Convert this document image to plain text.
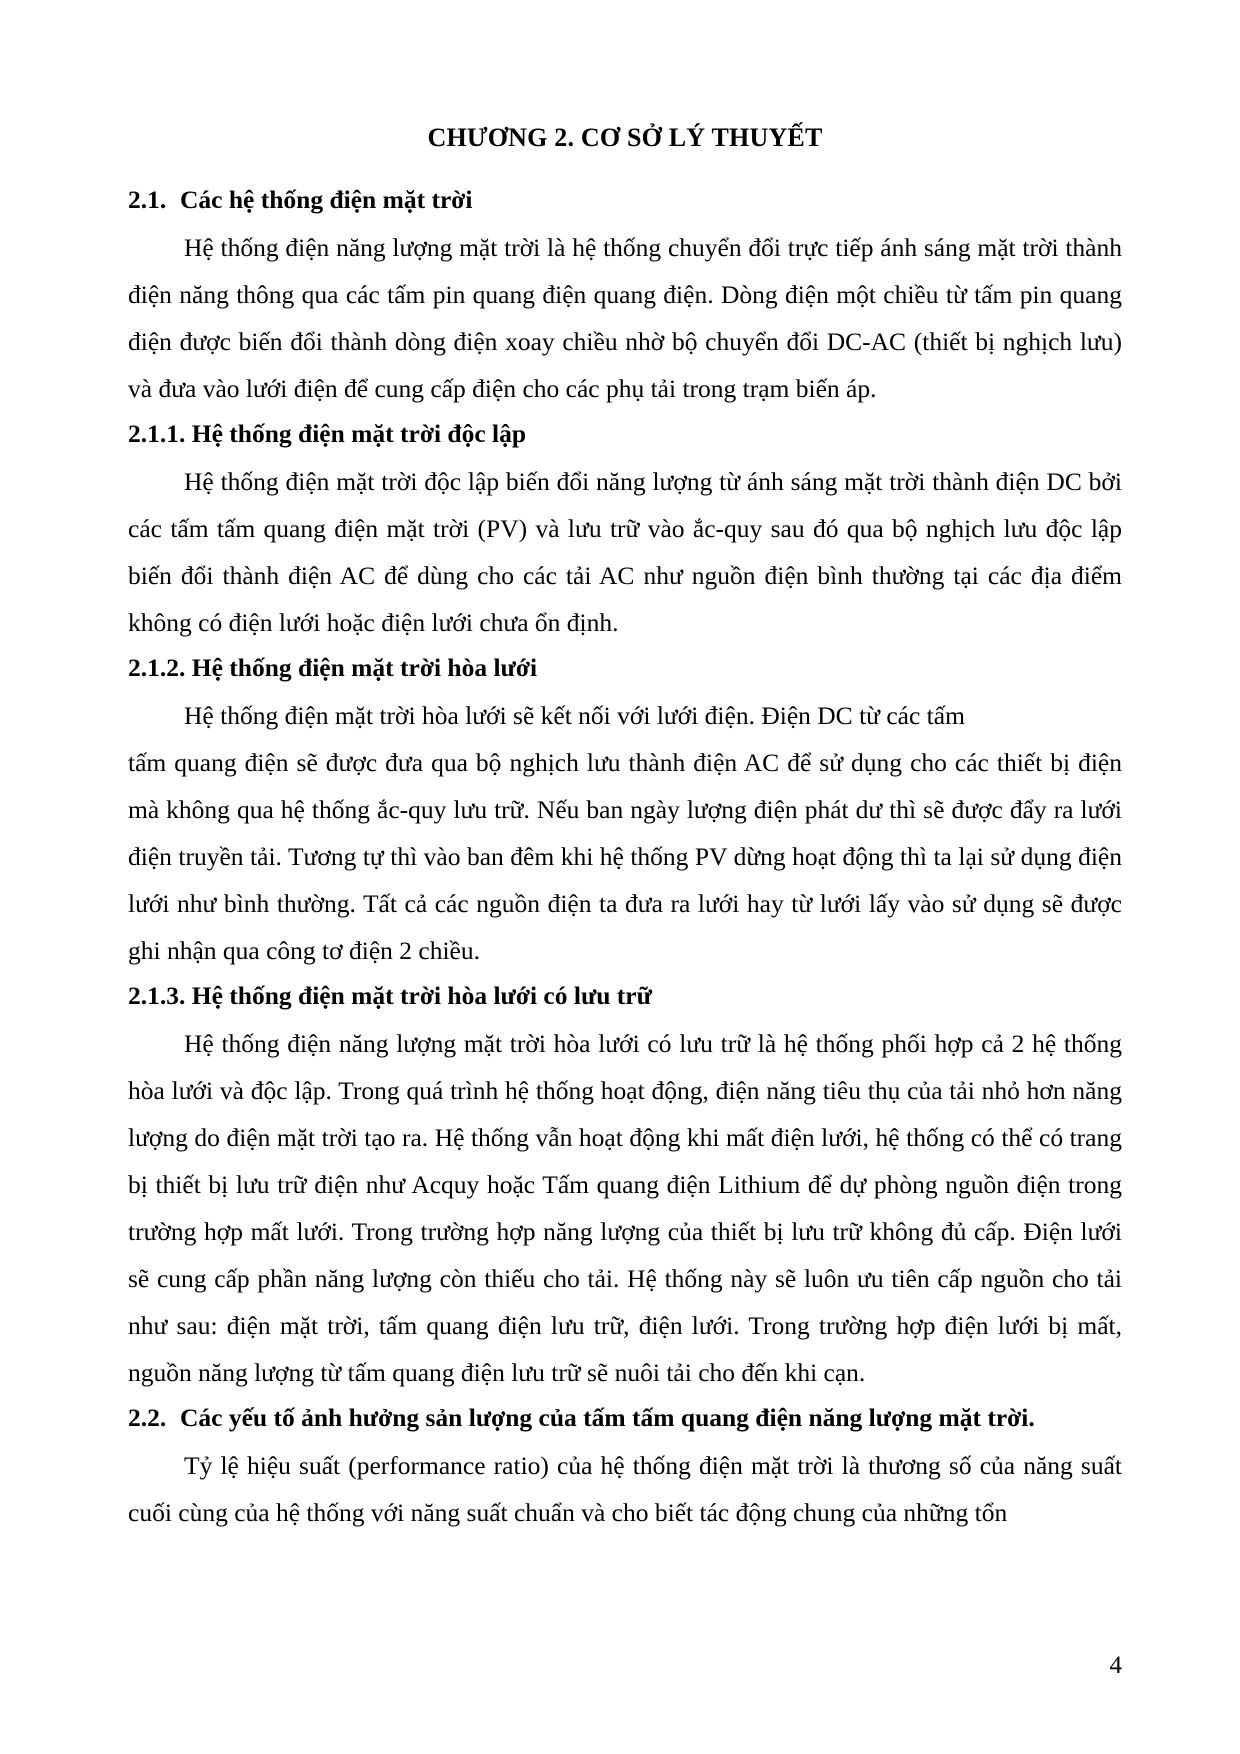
CHƯƠNG 2. CƠ SỞ LÝ THUYẾT
2.1. Các hệ thống điện mặt trời

Hệ thống điện năng lượng mặt trời là hệ thống chuyển đổi trực tiếp ánh sáng mặt trời thành điện năng thông qua các tấm pin quang điện quang điện. Dòng điện một chiều từ tấm pin quang điện được biến đổi thành dòng điện xoay chiều nhờ bộ chuyển đổi DC-AC (thiết bị nghịch lưu) và đưa vào lưới điện để cung cấp điện cho các phụ tải trong trạm biến áp.

2.1.1. Hệ thống điện mặt trời độc lập

Hệ thống điện mặt trời độc lập biến đổi năng lượng từ ánh sáng mặt trời thành điện DC bởi các tấm tấm quang điện mặt trời (PV) và lưu trữ vào ắc-quy sau đó qua bộ nghịch lưu độc lập biến đổi thành điện AC để dùng cho các tải AC như nguồn điện bình thường tại các địa điểm không có điện lưới hoặc điện lưới chưa ổn định.

2.1.2. Hệ thống điện mặt trời hòa lưới

Hệ thống điện mặt trời hòa lưới sẽ kết nối với lưới điện. Điện DC từ các tấm

tấm quang điện sẽ được đưa qua bộ nghịch lưu thành điện AC để sử dụng cho các thiết bị điện mà không qua hệ thống ắc-quy lưu trữ. Nếu ban ngày lượng điện phát dư thì sẽ được đẩy ra lưới điện truyền tải. Tương tự thì vào ban đêm khi hệ thống PV dừng hoạt động thì ta lại sử dụng điện lưới như bình thường. Tất cả các nguồn điện ta đưa ra lưới hay từ lưới lấy vào sử dụng sẽ được ghi nhận qua công tơ điện 2 chiều.

2.1.3. Hệ thống điện mặt trời hòa lưới có lưu trữ

Hệ thống điện năng lượng mặt trời hòa lưới có lưu trữ là hệ thống phối hợp cả 2 hệ thống hòa lưới và độc lập. Trong quá trình hệ thống hoạt động, điện năng tiêu thụ của tải nhỏ hơn năng lượng do điện mặt trời tạo ra. Hệ thống vẫn hoạt động khi mất điện lưới, hệ thống có thể có trang bị thiết bị lưu trữ điện như Acquy hoặc Tấm quang điện Lithium để dự phòng nguồn điện trong trường hợp mất lưới. Trong trường hợp năng lượng của thiết bị lưu trữ không đủ cấp. Điện lưới sẽ cung cấp phần năng lượng còn thiếu cho tải. Hệ thống này sẽ luôn ưu tiên cấp nguồn cho tải như sau: điện mặt trời, tấm quang điện lưu trữ, điện lưới. Trong trường hợp điện lưới bị mất, nguồn năng lượng từ tấm quang điện lưu trữ sẽ nuôi tải cho đến khi cạn.

2.2. Các yếu tố ảnh hưởng sản lượng của tấm tấm quang điện năng lượng mặt trời.

Tỷ lệ hiệu suất (performance ratio) của hệ thống điện mặt trời là thương số của năng suất cuối cùng của hệ thống với năng suất chuẩn và cho biết tác động chung của những tổn

4
